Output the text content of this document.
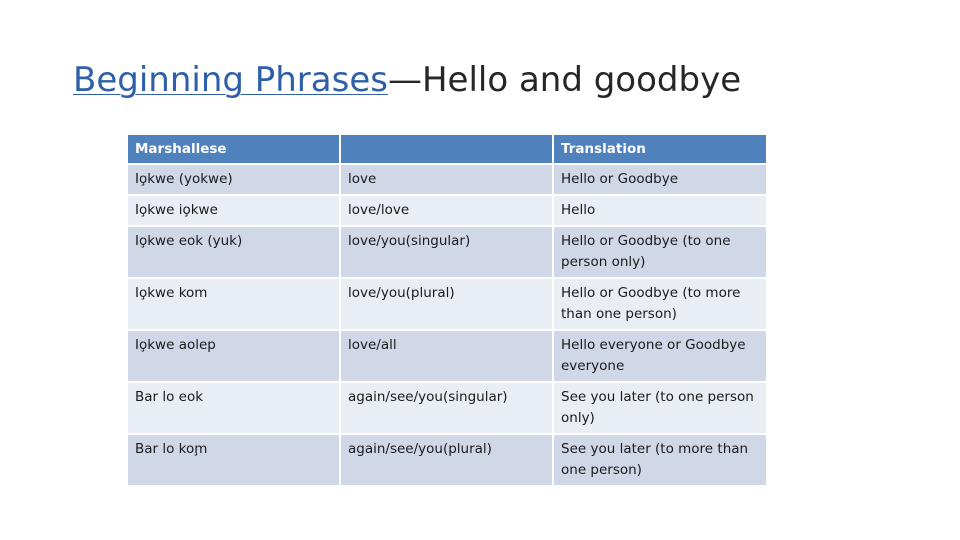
Beginning Phrases—Hello and goodbye
Marshallese		Translation
Io̧kwe (yokwe)	love	Hello or Goodbye
Io̧kwe io̧kwe	love/love	Hello
Io̧kwe eok (yuk)	love/you(singular)	Hello or Goodbye (to one person only)
Io̧kwe kom	love/you(plural)	Hello or Goodbye (to more than one person)
Io̧kwe aolep	love/all	Hello everyone or Goodbye everyone
Bar lo eok	again/see/you(singular)	See you later (to one person only)
Bar lo kom̧	again/see/you(plural)	See you later (to more than one person)
